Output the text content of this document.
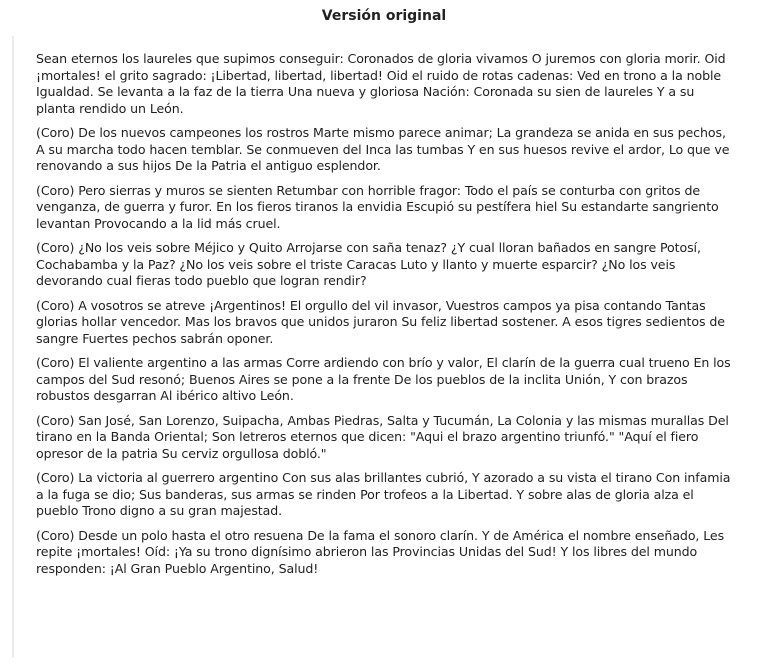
Versión original

Sean eternos los laureles que supimos conseguir: Coronados de gloria vivamos O juremos con gloria morir. Oid ¡mortales! el grito sagrado: ¡Libertad, libertad, libertad! Oid el ruido de rotas cadenas: Ved en trono a la noble Igualdad. Se levanta a la faz de la tierra Una nueva y gloriosa Nación: Coronada su sien de laureles Y a su planta rendido un León.

(Coro) De los nuevos campeones los rostros Marte mismo parece animar; La grandeza se anida en sus pechos, A su marcha todo hacen temblar. Se conmueven del Inca las tumbas Y en sus huesos revive el ardor, Lo que ve renovando a sus hijos De la Patria el antiguo esplendor.

(Coro) Pero sierras y muros se sienten Retumbar con horrible fragor: Todo el país se conturba con gritos de venganza, de guerra y furor. En los fieros tiranos la envidia Escupió su pestífera hiel Su estandarte sangriento levantan Provocando a la lid más cruel.

(Coro) ¿No los veis sobre Méjico y Quito Arrojarse con saña tenaz? ¿Y cual lloran bañados en sangre Potosí, Cochabamba y la Paz? ¿No los veis sobre el triste Caracas Luto y llanto y muerte esparcir? ¿No los veis devorando cual fieras todo pueblo que logran rendir?

(Coro) A vosotros se atreve ¡Argentinos! El orgullo del vil invasor, Vuestros campos ya pisa contando Tantas glorias hollar vencedor. Mas los bravos que unidos juraron Su feliz libertad sostener. A esos tigres sedientos de sangre Fuertes pechos sabrán oponer.

(Coro) El valiente argentino a las armas Corre ardiendo con brío y valor, El clarín de la guerra cual trueno En los campos del Sud resonó; Buenos Aires se pone a la frente De los pueblos de la inclita Unión, Y con brazos robustos desgarran Al ibérico altivo León.

(Coro) San José, San Lorenzo, Suipacha, Ambas Piedras, Salta y Tucumán, La Colonia y las mismas murallas Del tirano en la Banda Oriental; Son letreros eternos que dicen: "Aqui el brazo argentino triunfó." "Aquí el fiero opresor de la patria Su cerviz orgullosa dobló."

(Coro) La victoria al guerrero argentino Con sus alas brillantes cubrió, Y azorado a su vista el tirano Con infamia a la fuga se dio; Sus banderas, sus armas se rinden Por trofeos a la Libertad. Y sobre alas de gloria alza el pueblo Trono digno a su gran majestad.

(Coro) Desde un polo hasta el otro resuena De la fama el sonoro clarín. Y de América el nombre enseñado, Les repite ¡mortales! Oíd: ¡Ya su trono dignísimo abrieron las Provincias Unidas del Sud! Y los libres del mundo responden: ¡Al Gran Pueblo Argentino, Salud!
